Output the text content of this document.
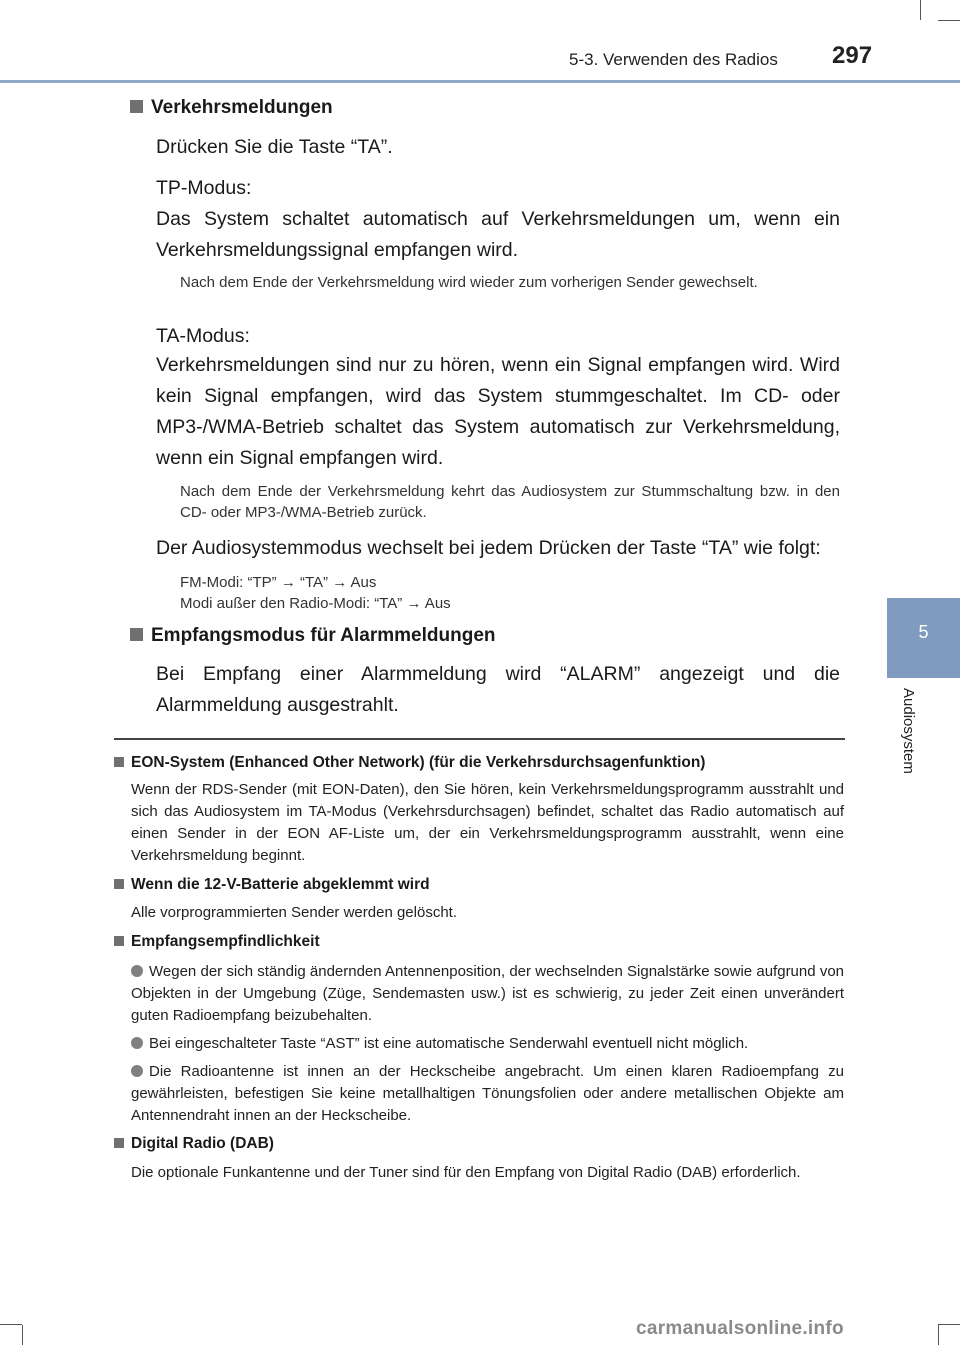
5-3. Verwenden des Radios 297
5
Audiosystem
Verkehrsmeldungen
Drücken Sie die Taste “TA”.
TP-Modus:
Das System schaltet automatisch auf Verkehrsmeldungen um, wenn ein Verkehrsmeldungssignal empfangen wird.
Nach dem Ende der Verkehrsmeldung wird wieder zum vorherigen Sender gewechselt.
TA-Modus:
Verkehrsmeldungen sind nur zu hören, wenn ein Signal empfangen wird. Wird kein Signal empfangen, wird das System stummgeschaltet. Im CD- oder MP3-/WMA-Betrieb schaltet das System automatisch zur Verkehrsmeldung, wenn ein Signal empfangen wird.
Nach dem Ende der Verkehrsmeldung kehrt das Audiosystem zur Stummschaltung bzw. in den CD- oder MP3-/WMA-Betrieb zurück.
Der Audiosystemmodus wechselt bei jedem Drücken der Taste “TA” wie folgt:
FM-Modi: “TP” → “TA” → Aus
Modi außer den Radio-Modi: “TA” → Aus
Empfangsmodus für Alarmmeldungen
Bei Empfang einer Alarmmeldung wird “ALARM” angezeigt und die Alarmmeldung ausgestrahlt.
EON-System (Enhanced Other Network) (für die Verkehrsdurchsagenfunktion)
Wenn der RDS-Sender (mit EON-Daten), den Sie hören, kein Verkehrsmeldungsprogramm ausstrahlt und sich das Audiosystem im TA-Modus (Verkehrsdurchsagen) befindet, schaltet das Radio automatisch auf einen Sender in der EON AF-Liste um, der ein Verkehrsmeldungsprogramm ausstrahlt, wenn eine Verkehrsmeldung beginnt.
Wenn die 12-V-Batterie abgeklemmt wird
Alle vorprogrammierten Sender werden gelöscht.
Empfangsempfindlichkeit
Wegen der sich ständig ändernden Antennenposition, der wechselnden Signalstärke sowie aufgrund von Objekten in der Umgebung (Züge, Sendemasten usw.) ist es schwierig, zu jeder Zeit einen unverändert guten Radioempfang beizubehalten.
Bei eingeschalteter Taste “AST” ist eine automatische Senderwahl eventuell nicht möglich.
Die Radioantenne ist innen an der Heckscheibe angebracht. Um einen klaren Radioempfang zu gewährleisten, befestigen Sie keine metallhaltigen Tönungsfolien oder andere metallischen Objekte am Antennendraht innen an der Heckscheibe.
Digital Radio (DAB)
Die optionale Funkantenne und der Tuner sind für den Empfang von Digital Radio (DAB) erforderlich.
carmanualsonline.info
